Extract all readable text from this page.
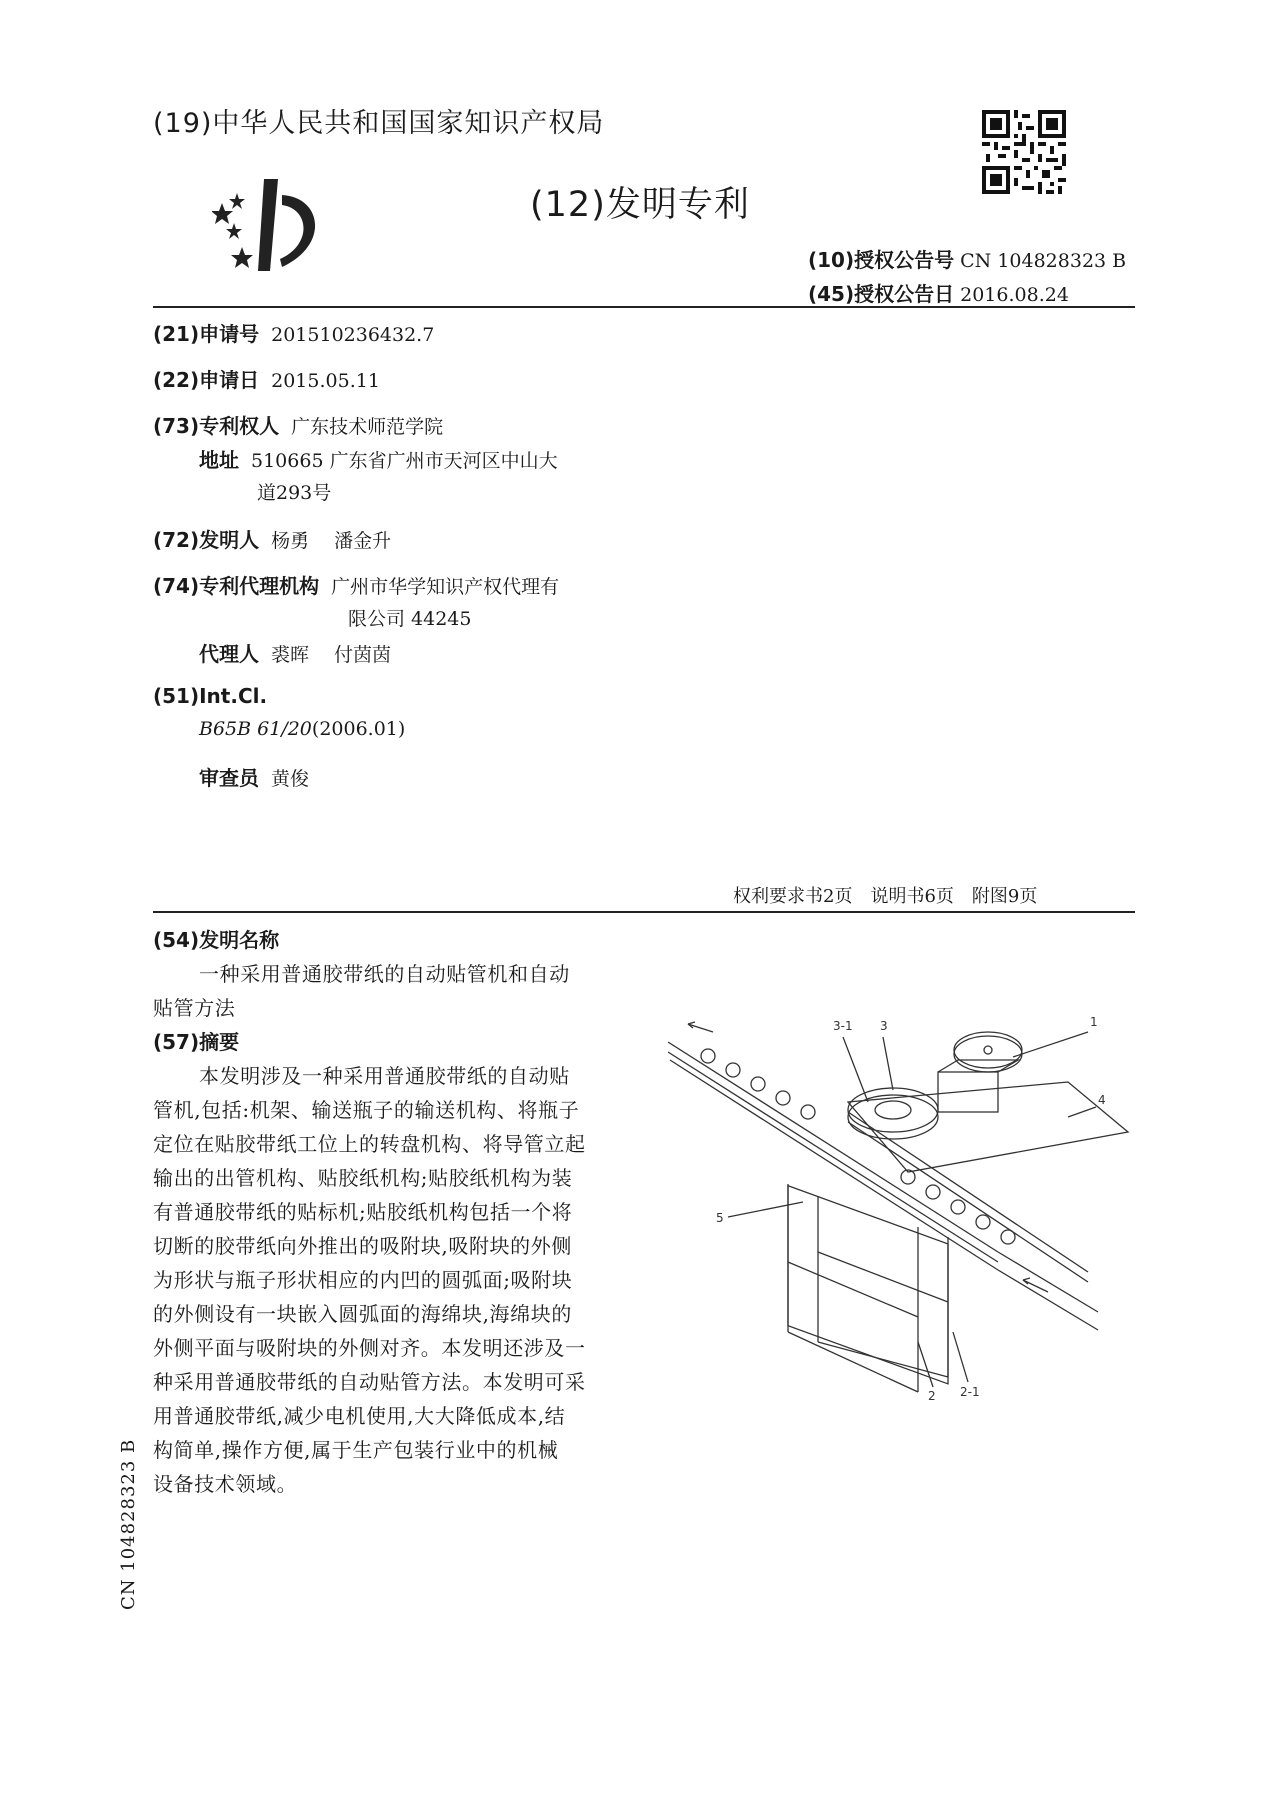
(19)中华人民共和国国家知识产权局
(12)发明专利
(10)授权公告号 CN 104828323 B
(45)授权公告日 2016.08.24
(21)申请号 201510236432.7
(22)申请日 2015.05.11
(73)专利权人 广东技术师范学院
地址 510665 广东省广州市天河区中山大
道293号
(72)发明人 杨勇　 潘金升
(74)专利代理机构 广州市华学知识产权代理有
限公司 44245
代理人 裘晖　 付茵茵
(51)Int.Cl.
B65B 61/20(2006.01)
审查员 黄俊
权利要求书2页 说明书6页 附图9页
(54)发明名称
一种采用普通胶带纸的自动贴管机和自动
贴管方法
(57)摘要
本发明涉及一种采用普通胶带纸的自动贴
管机,包括:机架、输送瓶子的输送机构、将瓶子
定位在贴胶带纸工位上的转盘机构、将导管立起
输出的出管机构、贴胶纸机构;贴胶纸机构为装
有普通胶带纸的贴标机;贴胶纸机构包括一个将
切断的胶带纸向外推出的吸附块,吸附块的外侧
为形状与瓶子形状相应的内凹的圆弧面;吸附块
的外侧设有一块嵌入圆弧面的海绵块,海绵块的
外侧平面与吸附块的外侧对齐。本发明还涉及一
种采用普通胶带纸的自动贴管方法。本发明可采
用普通胶带纸,减少电机使用,大大降低成本,结
构简单,操作方便,属于生产包装行业中的机械
设备技术领域。
CN 104828323 B
3-1 3	1
4
5
2 2-1
